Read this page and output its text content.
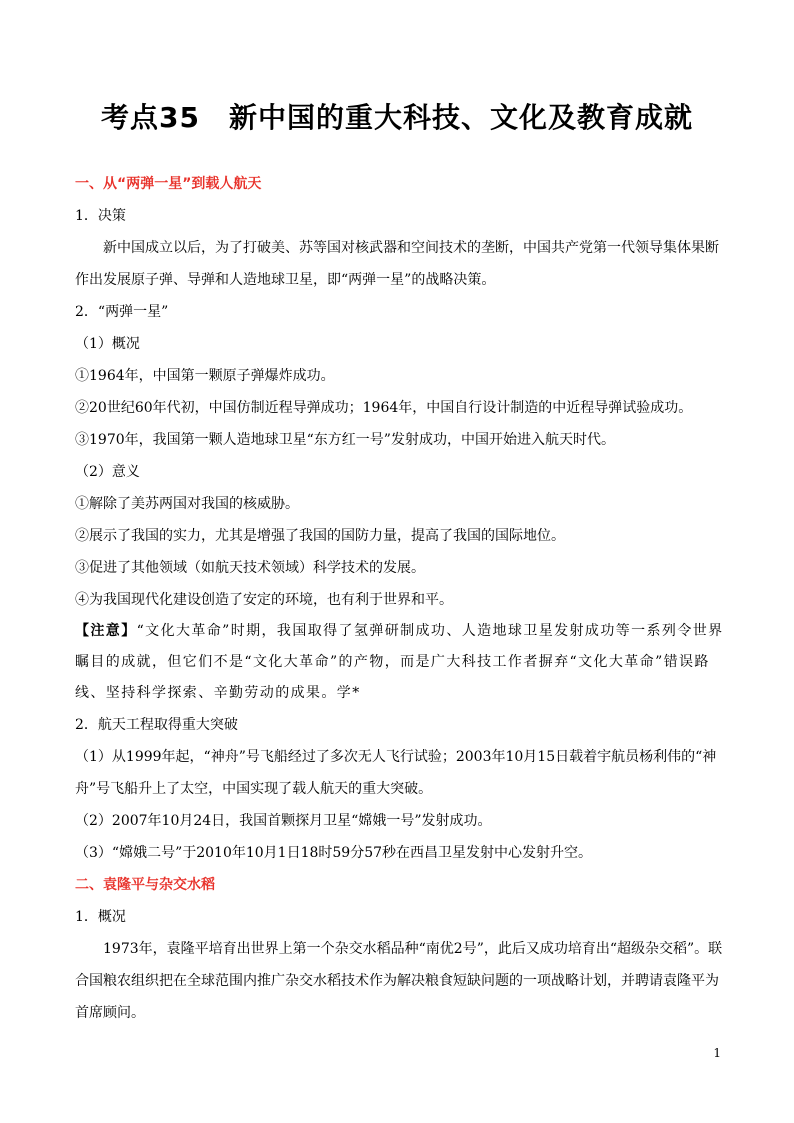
考点35　新中国的重大科技、文化及教育成就

一、从“两弹一星”到载人航天

1．决策

新中国成立以后，为了打破美、苏等国对核武器和空间技术的垄断，中国共产党第一代领导集体果断作出发展原子弹、导弹和人造地球卫星，即“两弹一星”的战略决策。

2．“两弹一星”

（1）概况

①1964年，中国第一颗原子弹爆炸成功。

②20世纪60年代初，中国仿制近程导弹成功；1964年，中国自行设计制造的中近程导弹试验成功。

③1970年，我国第一颗人造地球卫星“东方红一号”发射成功，中国开始进入航天时代。

（2）意义

①解除了美苏两国对我国的核威胁。

②展示了我国的实力，尤其是增强了我国的国防力量，提高了我国的国际地位。

③促进了其他领域（如航天技术领域）科学技术的发展。

④为我国现代化建设创造了安定的环境，也有利于世界和平。

【注意】“文化大革命”时期，我国取得了氢弹研制成功、人造地球卫星发射成功等一系列令世界瞩目的成就，但它们不是“文化大革命”的产物，而是广大科技工作者摒弃“文化大革命”错误路线、坚持科学探索、辛勤劳动的成果。学*

2．航天工程取得重大突破

（1）从1999年起，“神舟”号飞船经过了多次无人飞行试验；2003年10月15日载着宇航员杨利伟的“神舟”号飞船升上了太空，中国实现了载人航天的重大突破。

（2）2007年10月24日，我国首颗探月卫星“嫦娥一号”发射成功。

（3）“嫦娥二号”于2010年10月1日18时59分57秒在西昌卫星发射中心发射升空。

二、袁隆平与杂交水稻

1．概况

1973年，袁隆平培育出世界上第一个杂交水稻品种“南优2号”，此后又成功培育出“超级杂交稻”。联合国粮农组织把在全球范围内推广杂交水稻技术作为解决粮食短缺问题的一项战略计划，并聘请袁隆平为首席顾问。

1
